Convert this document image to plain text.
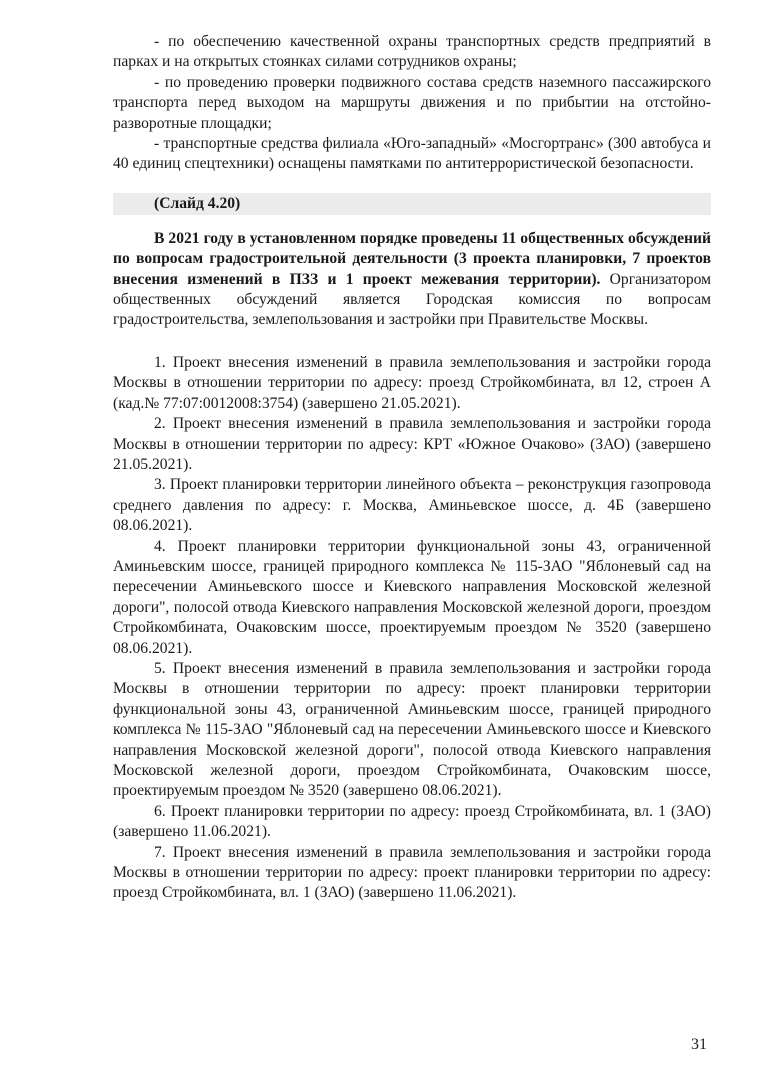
- по обеспечению качественной охраны транспортных средств предприятий в парках и на открытых стоянках силами сотрудников охраны;

- по проведению проверки подвижного состава средств наземного пассажирского транспорта перед выходом на маршруты движения и по прибытии на отстойно-разворотные площадки;

- транспортные средства филиала «Юго-западный» «Мосгортранс» (300 автобуса и 40 единиц спецтехники) оснащены памятками по антитеррористической безопасности.

(Слайд 4.20)

В 2021 году в установленном порядке проведены 11 общественных обсуждений по вопросам градостроительной деятельности (3 проекта планировки, 7 проектов внесения изменений в ПЗЗ и 1 проект межевания территории). Организатором общественных обсуждений является Городская комиссия по вопросам градостроительства, землепользования и застройки при Правительстве Москвы.

1. Проект внесения изменений в правила землепользования и застройки города Москвы в отношении территории по адресу: проезд Стройкомбината, вл 12, строен А (кад.№ 77:07:0012008:3754) (завершено 21.05.2021).

2. Проект внесения изменений в правила землепользования и застройки города Москвы в отношении территории по адресу: КРТ «Южное Очаково» (ЗАО) (завершено 21.05.2021).

3. Проект планировки территории линейного объекта – реконструкция газопровода среднего давления по адресу: г. Москва, Аминьевское шоссе, д. 4Б (завершено 08.06.2021).

4. Проект планировки территории функциональной зоны 43, ограниченной Аминьевским шоссе, границей природного комплекса № 115-ЗАО "Яблоневый сад на пересечении Аминьевского шоссе и Киевского направления Московской железной дороги", полосой отвода Киевского направления Московской железной дороги, проездом Стройкомбината, Очаковским шоссе, проектируемым проездом № 3520 (завершено 08.06.2021).

5. Проект внесения изменений в правила землепользования и застройки города Москвы в отношении территории по адресу: проект планировки территории функциональной зоны 43, ограниченной Аминьевским шоссе, границей природного комплекса № 115-ЗАО "Яблоневый сад на пересечении Аминьевского шоссе и Киевского направления Московской железной дороги", полосой отвода Киевского направления Московской железной дороги, проездом Стройкомбината, Очаковским шоссе, проектируемым проездом № 3520 (завершено 08.06.2021).

6. Проект планировки территории по адресу: проезд Стройкомбината, вл. 1 (ЗАО) (завершено 11.06.2021).

7. Проект внесения изменений в правила землепользования и застройки города Москвы в отношении территории по адресу: проект планировки территории по адресу: проезд Стройкомбината, вл. 1 (ЗАО) (завершено 11.06.2021).

31
